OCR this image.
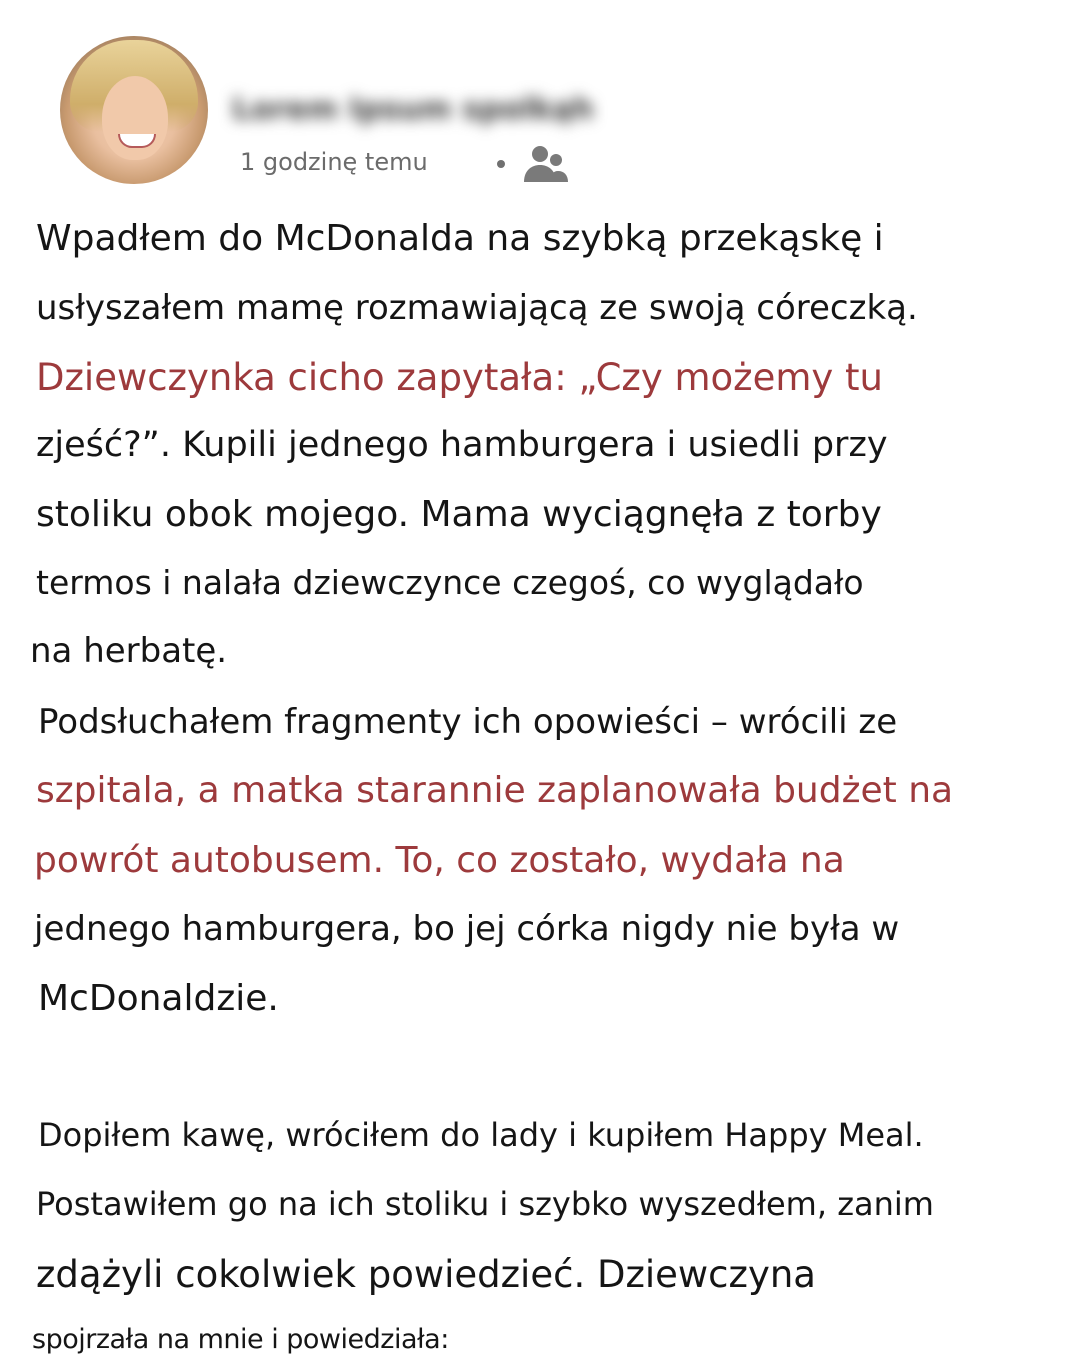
Lorem Ipsum spolkąh
1 godzinę temu
Wpadłem do McDonalda na szybką przekąskę i
usłyszałem mamę rozmawiającą ze swoją córeczką.
Dziewczynka cicho zapytała: „Czy możemy tu
zjeść?”. Kupili jednego hamburgera i usiedli przy
stoliku obok mojego. Mama wyciągnęła z torby
termos i nalała dziewczynce czegoś, co wyglądało
na herbatę.
Podsłuchałem fragmenty ich opowieści – wrócili ze
szpitala, a matka starannie zaplanowała budżet na
powrót autobusem. To, co zostało, wydała na
jednego hamburgera, bo jej córka nigdy nie była w
McDonaldzie.
Dopiłem kawę, wróciłem do lady i kupiłem Happy Meal.
Postawiłem go na ich stoliku i szybko wyszedłem, zanim
zdążyli cokolwiek powiedzieć. Dziewczyna
spojrzała na mnie i powiedziała:
